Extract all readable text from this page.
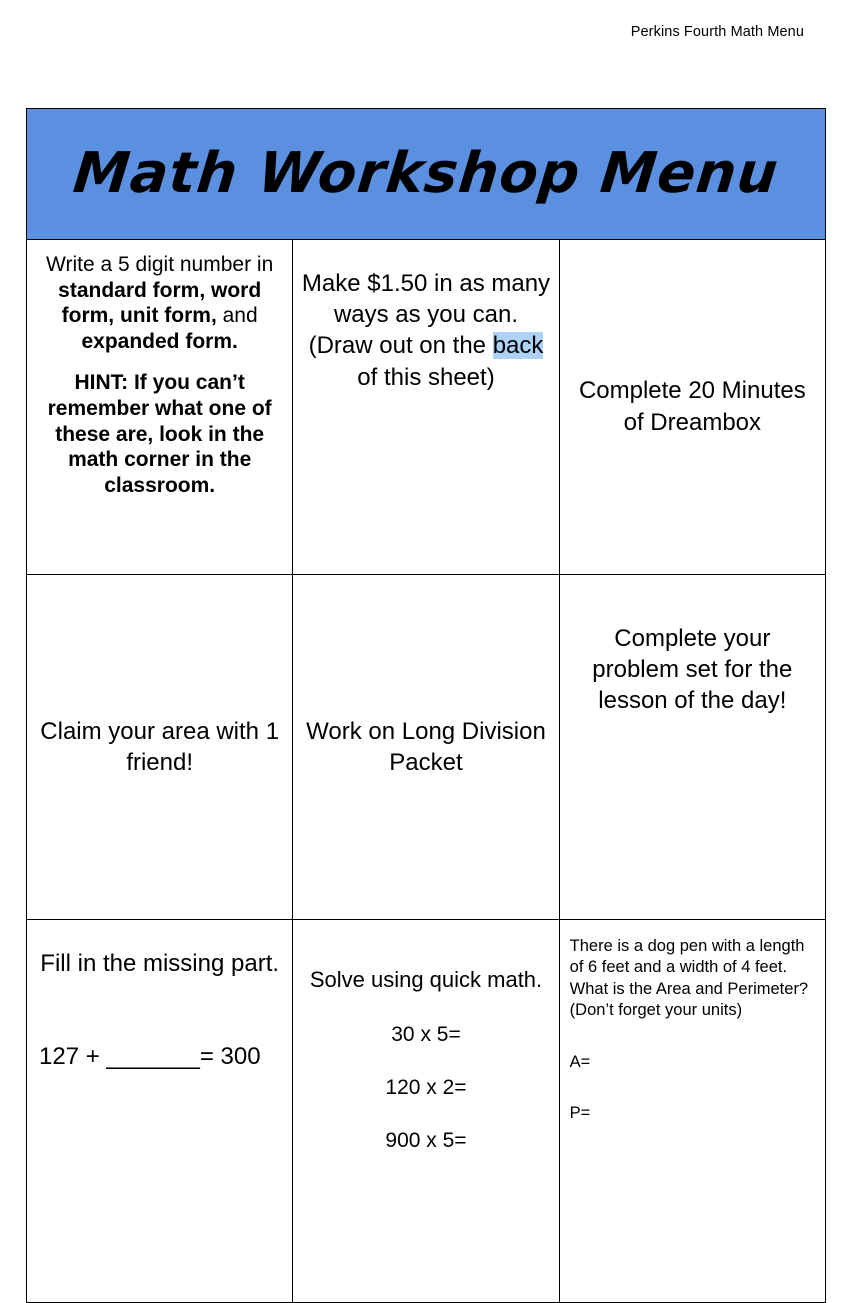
Perkins Fourth Math Menu
Math Workshop Menu		

Write a 5 digit number in standard form, word form, unit form, and expanded form.
HINT: If you can’t remember what one of these are, look in the math corner in the classroom.

Make $1.50 in as many ways as you can.
(Draw out on the back of this sheet)

Complete 20 Minutes of Dreambox

Claim your area with 1 friend!	Work on Long Division Packet	Complete your problem set for the lesson of the day!

Fill in the missing part.
127 + _______= 300

Solve using quick math.
30 x 5=
120 x 2=
900 x 5=

There is a dog pen with a length of 6 feet and a width of 4 feet. What is the Area and Perimeter? (Don’t forget your units)
A=
P=
